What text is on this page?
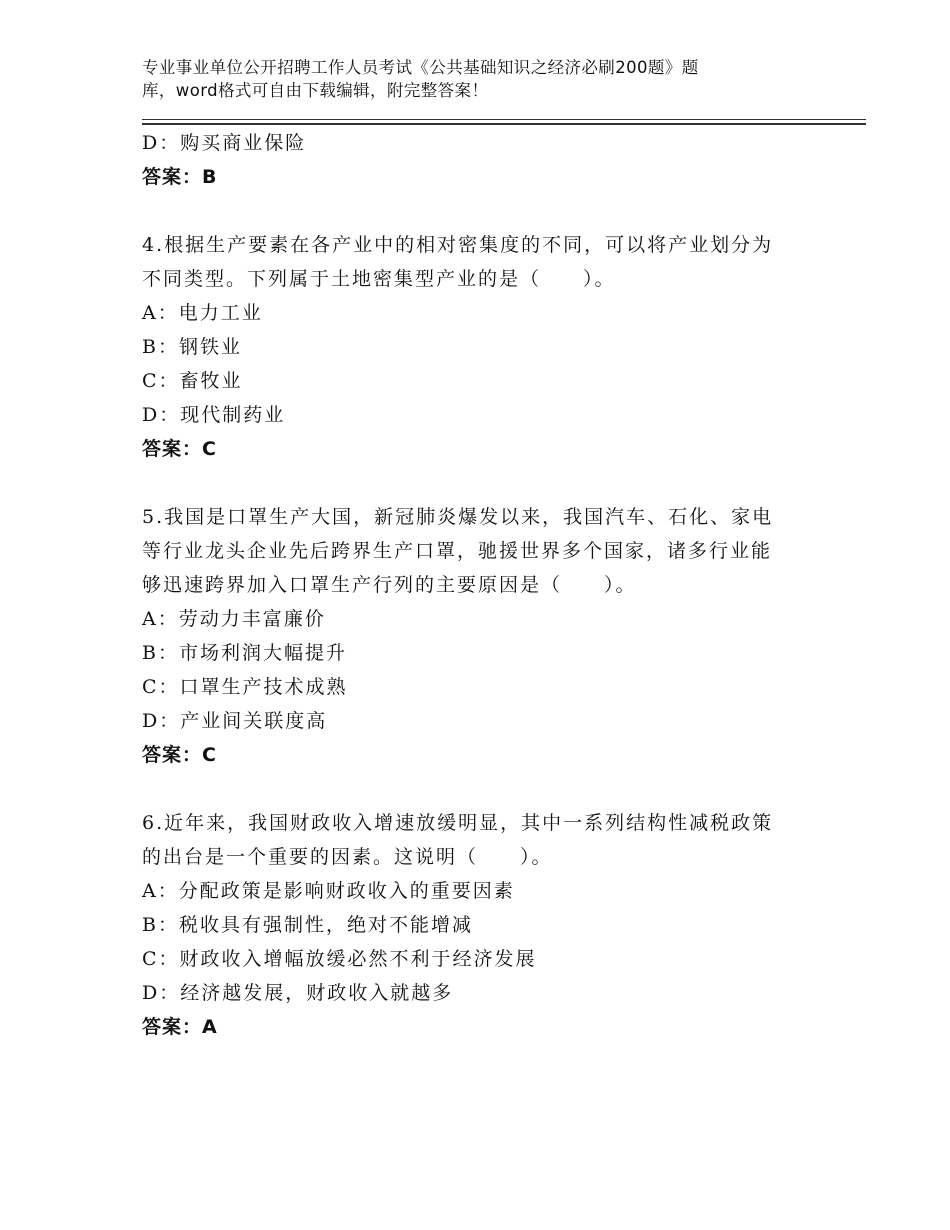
专业事业单位公开招聘工作人员考试《公共基础知识之经济必刷200题》题
库，word格式可自由下载编辑，附完整答案！
D：购买商业保险
答案：B
4.根据生产要素在各产业中的相对密集度的不同，可以将产业划分为
不同类型。下列属于土地密集型产业的是（　　）。
A：电力工业
B：钢铁业
C：畜牧业
D：现代制药业
答案：C
5.我国是口罩生产大国，新冠肺炎爆发以来，我国汽车、石化、家电
等行业龙头企业先后跨界生产口罩，驰援世界多个国家，诸多行业能
够迅速跨界加入口罩生产行列的主要原因是（　　）。
A：劳动力丰富廉价
B：市场利润大幅提升
C：口罩生产技术成熟
D：产业间关联度高
答案：C
6.近年来，我国财政收入增速放缓明显，其中一系列结构性减税政策
的出台是一个重要的因素。这说明（　　）。
A：分配政策是影响财政收入的重要因素
B：税收具有强制性，绝对不能增减
C：财政收入增幅放缓必然不利于经济发展
D：经济越发展，财政收入就越多
答案：A
